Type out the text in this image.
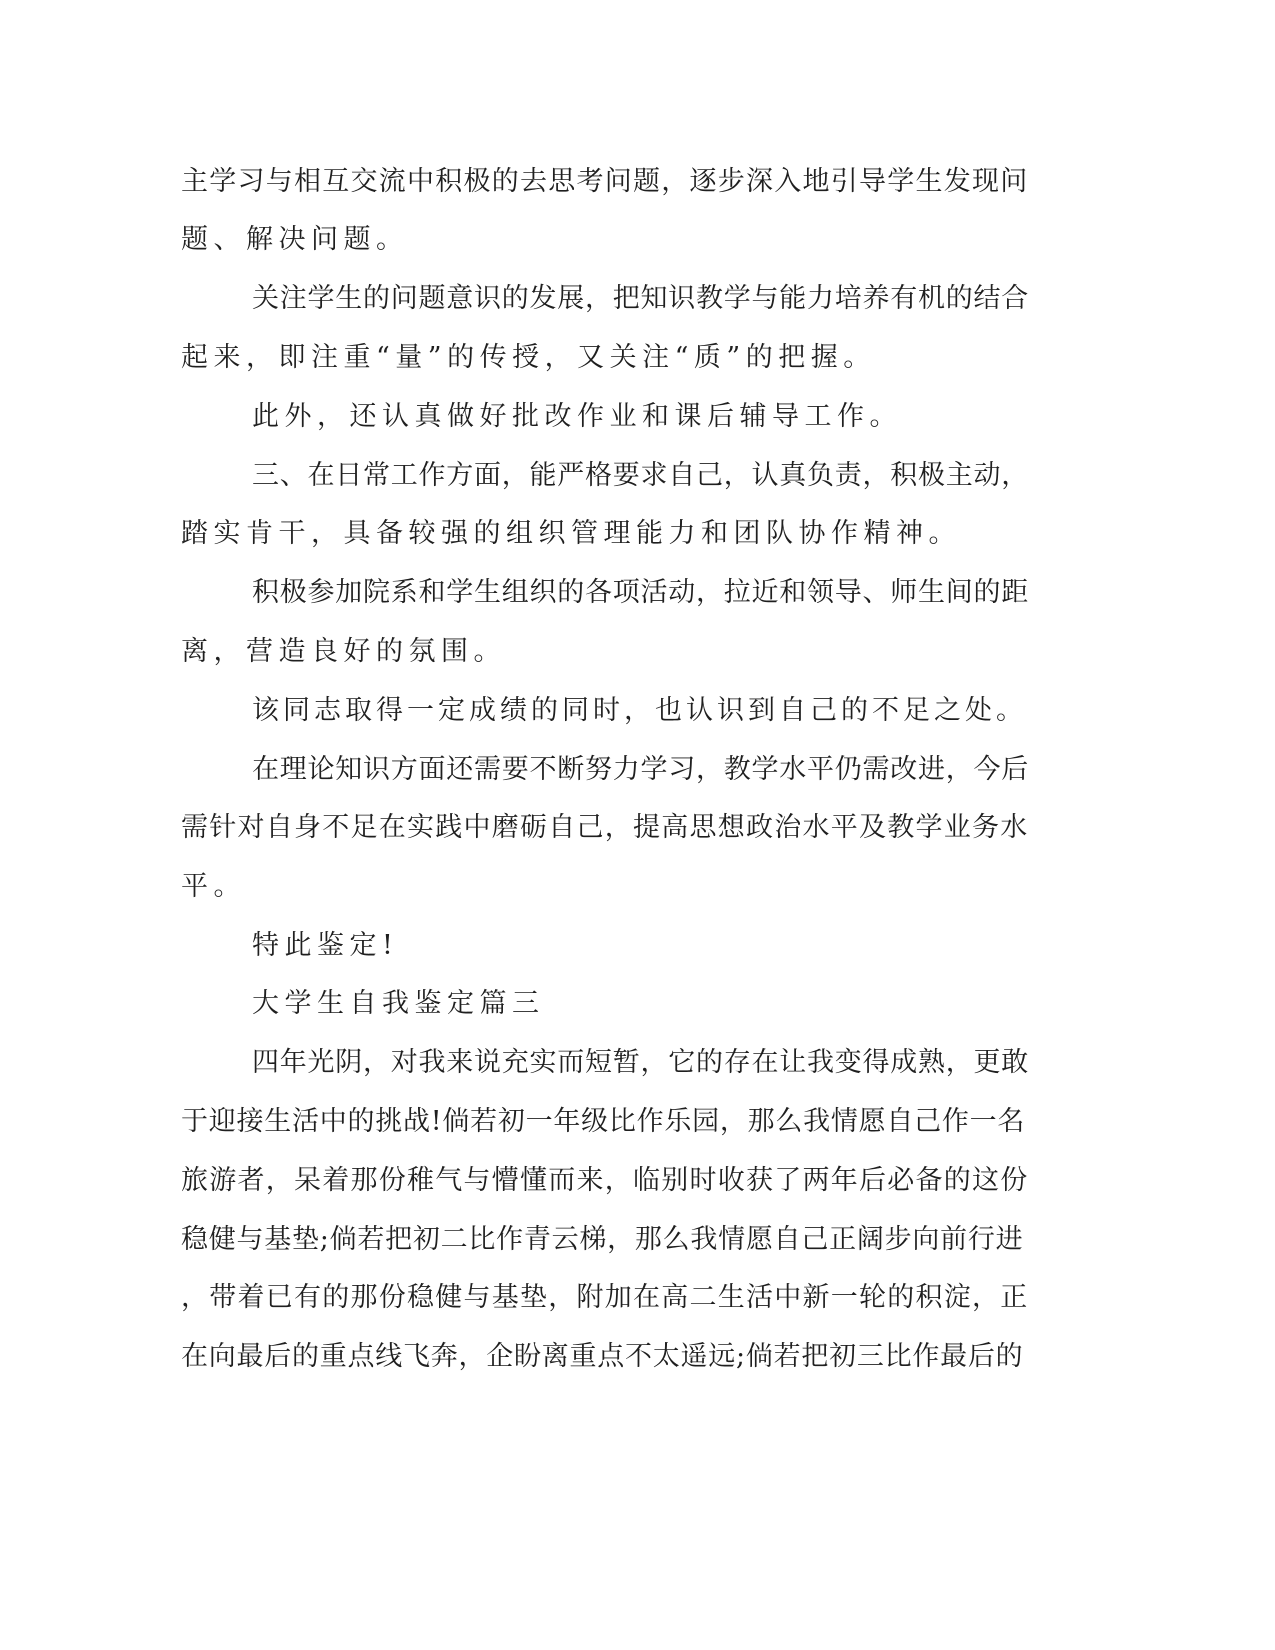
主学习与相互交流中积极的去思考问题，逐步深入地引导学生发现问
题、解决问题。
关注学生的问题意识的发展，把知识教学与能力培养有机的结合
起来，即注重“量”的传授，又关注“质”的把握。
此外，还认真做好批改作业和课后辅导工作。
三、在日常工作方面，能严格要求自己，认真负责，积极主动，
踏实肯干，具备较强的组织管理能力和团队协作精神。
积极参加院系和学生组织的各项活动，拉近和领导、师生间的距
离，营造良好的氛围。
该同志取得一定成绩的同时，也认识到自己的不足之处。
在理论知识方面还需要不断努力学习，教学水平仍需改进，今后
需针对自身不足在实践中磨砺自己，提高思想政治水平及教学业务水
平。
特此鉴定!
大学生自我鉴定篇三
四年光阴，对我来说充实而短暂，它的存在让我变得成熟，更敢
于迎接生活中的挑战!倘若初一年级比作乐园，那么我情愿自己作一名
旅游者，呆着那份稚气与懵懂而来，临别时收获了两年后必备的这份
稳健与基垫;倘若把初二比作青云梯，那么我情愿自己正阔步向前行进
，带着已有的那份稳健与基垫，附加在高二生活中新一轮的积淀，正
在向最后的重点线飞奔，企盼离重点不太遥远;倘若把初三比作最后的
